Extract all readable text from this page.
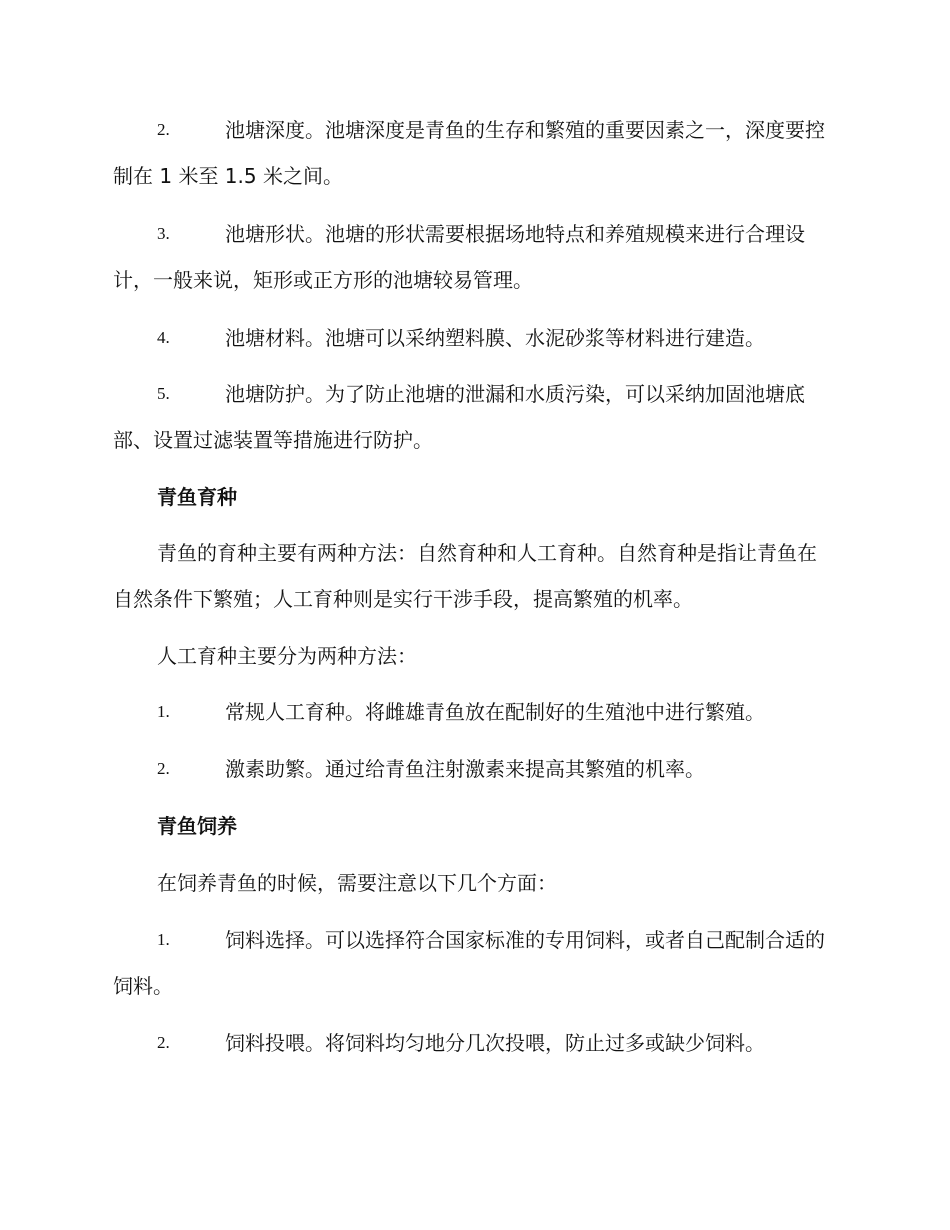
2.	池塘深度。池塘深度是青鱼的生存和繁殖的重要因素之一，深度要控制在 1 米至 1.5 米之间。
3.	池塘形状。池塘的形状需要根据场地特点和养殖规模来进行合理设计，一般来说，矩形或正方形的池塘较易管理。
4.	池塘材料。池塘可以采纳塑料膜、水泥砂浆等材料进行建造。
5.	池塘防护。为了防止池塘的泄漏和水质污染，可以采纳加固池塘底部、设置过滤装置等措施进行防护。
青鱼育种
青鱼的育种主要有两种方法：自然育种和人工育种。自然育种是指让青鱼在自然条件下繁殖；人工育种则是实行干涉手段，提高繁殖的机率。
人工育种主要分为两种方法：
1.	常规人工育种。将雌雄青鱼放在配制好的生殖池中进行繁殖。
2.	激素助繁。通过给青鱼注射激素来提高其繁殖的机率。
青鱼饲养
在饲养青鱼的时候，需要注意以下几个方面：
1.	饲料选择。可以选择符合国家标准的专用饲料，或者自己配制合适的饲料。
2.	饲料投喂。将饲料均匀地分几次投喂，防止过多或缺少饲料。
